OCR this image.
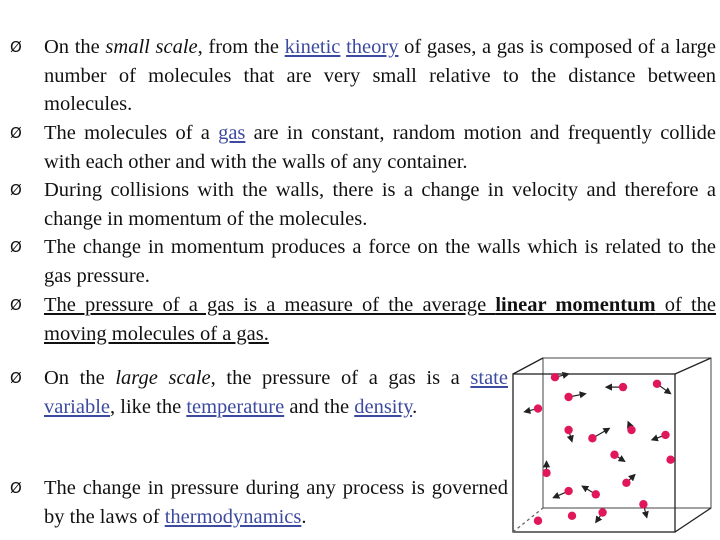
Ø	On the small scale, from the kinetic theory of gases, a gas is composed of a large number of molecules that are very small relative to the distance between molecules.
Ø	The molecules of a gas are in constant, random motion and frequently collide with each other and with the walls of any container.
Ø	During collisions with the walls, there is a change in velocity and therefore a change in momentum of the molecules.
Ø	The change in momentum produces a force on the walls which is related to the gas pressure.
Ø	The pressure of a gas is a measure of the average linear momentum of the moving molecules of a gas.
Ø	On the large scale, the pressure of a gas is a state variable, like the temperature and the density.
Ø	The change in pressure during any process is governed by the laws of thermodynamics.
